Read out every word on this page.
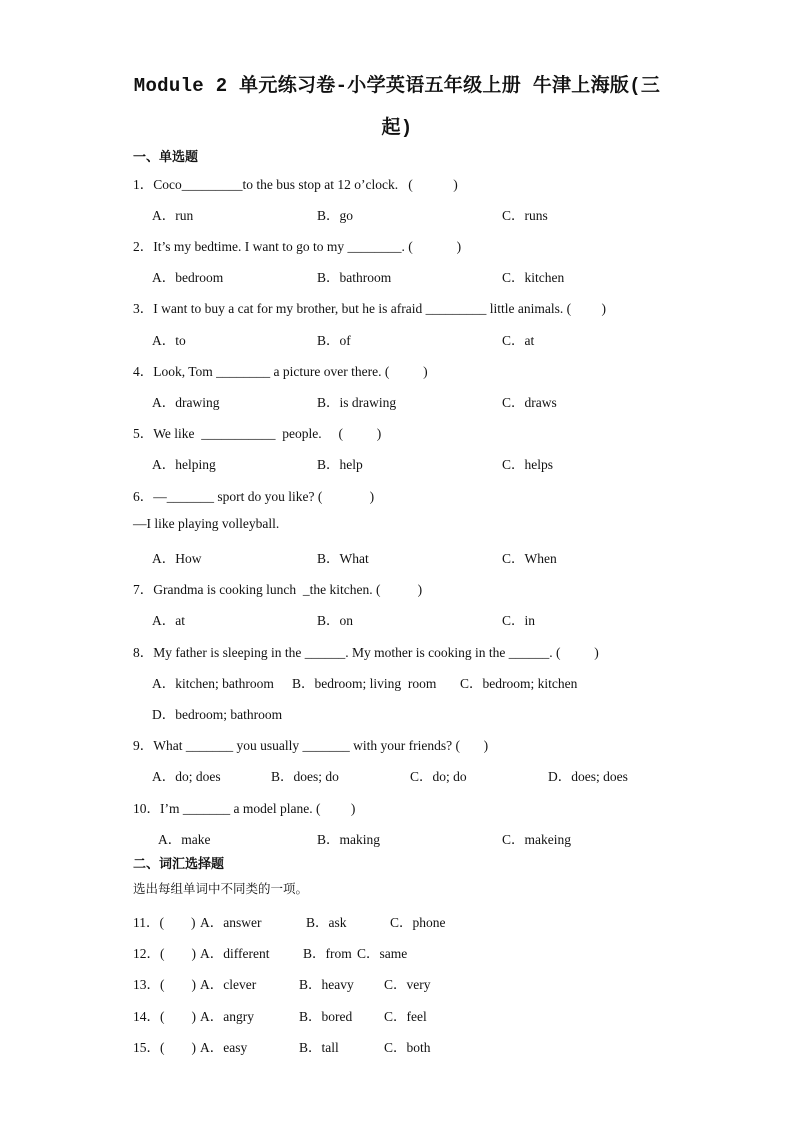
Module 2 单元练习卷-小学英语五年级上册 牛津上海版(三
起)
一、单选题
1．Coco_________to the bus stop at 12 o’clock.   (            )
A．run	B．go	C．runs
2．It’s my bedtime. I want to go to my ________. (             )
A．bedroom	B．bathroom	C．kitchen
3．I want to buy a cat for my brother, but he is afraid _________ little animals. (         )
A．to	B．of	C．at
4．Look, Tom ________ a picture over there. (          )
A．drawing	B．is drawing	C．draws
5．We like  ___________  people.     (          )
A．helping	B．help	C．helps
6．—_______ sport do you like? (              )
—I like playing volleyball.
A．How	B．What	C．When
7．Grandma is cooking lunch  _the kitchen. (           )
A．at	B．on	C．in
8．My father is sleeping in the ______. My mother is cooking in the ______. (          )
A．kitchen; bathroom B．bedroom; living  room C．bedroom; kitchen
D．bedroom; bathroom
9．What _______ you usually _______ with your friends? (       )
A．do; does	B．does; do	C．do; do	D．does; does
10．I’m _______ a model plane. (         )
A．make	B．making	C．makeing
二、词汇选择题
选出每组单词中不同类的一项。
11．(        ) A．answer	B．ask	C．phone
12．(        ) A．different B．from C．same
13．(        ) A．clever	B．heavy C．very
14．(        ) A．angry	B．bored C．feel
15．(        ) A．easy	B．tall	C．both
